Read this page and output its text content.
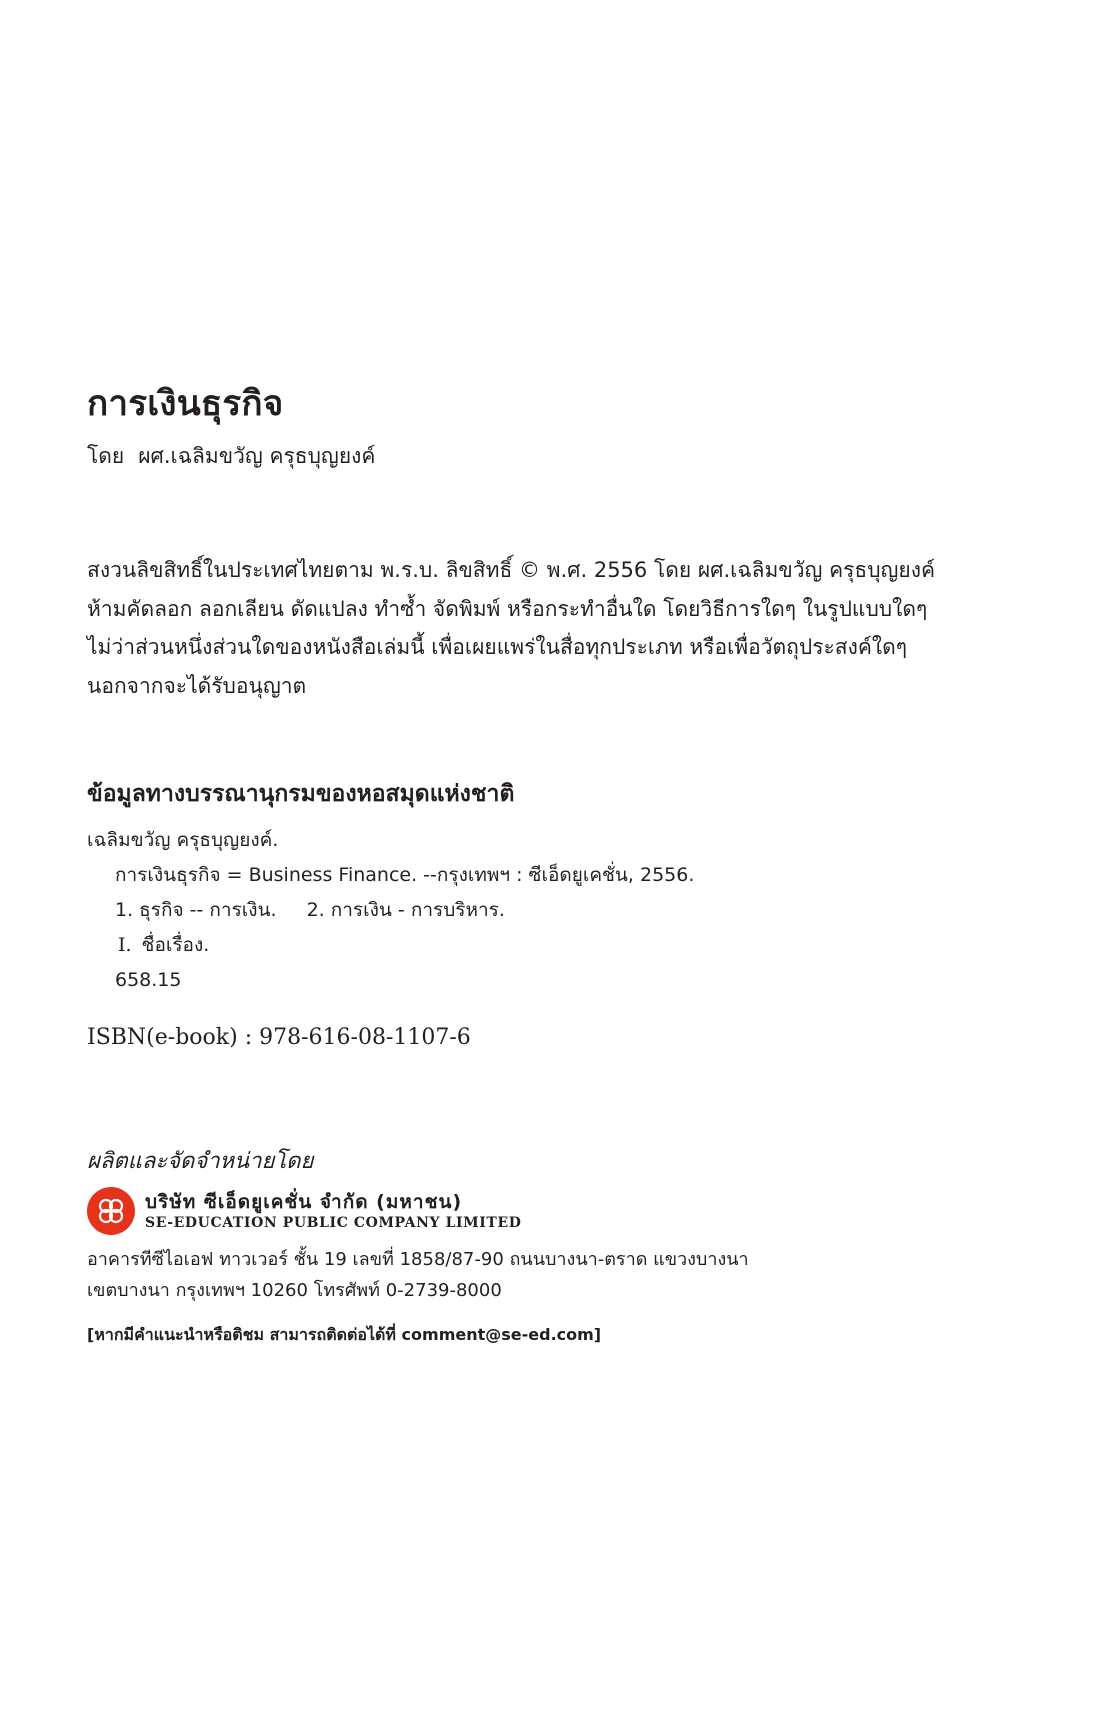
การเงินธุรกิจ
โดย ผศ.เฉลิมขวัญ ครุธบุญยงค์
สงวนลิขสิทธิ์ในประเทศไทยตาม พ.ร.บ. ลิขสิทธิ์ © พ.ศ. 2556 โดย ผศ.เฉลิมขวัญ ครุธบุญยงค์
ห้ามคัดลอก ลอกเลียน ดัดแปลง ทำซ้ำ จัดพิมพ์ หรือกระทำอื่นใด โดยวิธีการใดๆ ในรูปแบบใดๆ
ไม่ว่าส่วนหนึ่งส่วนใดของหนังสือเล่มนี้ เพื่อเผยแพร่ในสื่อทุกประเภท หรือเพื่อวัตถุประสงค์ใดๆ
นอกจากจะได้รับอนุญาต
ข้อมูลทางบรรณานุกรมของหอสมุดแห่งชาติ
เฉลิมขวัญ ครุธบุญยงค์.
การเงินธุรกิจ = Business Finance. --กรุงเทพฯ : ซีเอ็ดยูเคชั่น, 2556.
1. ธุรกิจ -- การเงิน. 2. การเงิน - การบริหาร.
I. ชื่อเรื่อง.
658.15
ISBN(e-book) : 978-616-08-1107-6
ผลิตและจัดจำหน่ายโดย
บริษัท ซีเอ็ดยูเคชั่น จำกัด (มหาชน)
SE-EDUCATION PUBLIC COMPANY LIMITED
อาคารทีซีไอเอฟ ทาวเวอร์ ชั้น 19 เลขที่ 1858/87-90 ถนนบางนา-ตราด แขวงบางนา
เขตบางนา กรุงเทพฯ 10260 โทรศัพท์ 0-2739-8000
[หากมีคำแนะนำหรือติชม สามารถติดต่อได้ที่ comment@se-ed.com]
